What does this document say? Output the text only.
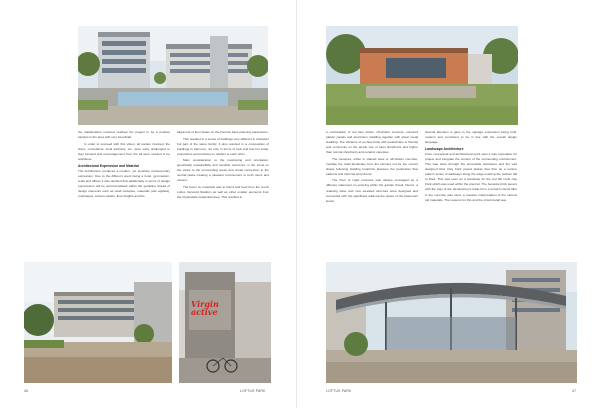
the stakeholders involved realised the project to be a positive catalyst in the area with very beneficial.

In order to succeed with this vision, all parties involved, the client, consultants, local authority, etc. were early challenged to stay focused and encouragement from the all were needed to be ambitious.

Architectural Expression and Material

The Architecture produces a modern, yet sensitive contemporary expression. Due to the different users being a hotel, gymnasium, retail and offices it was decided that additionally in terms of design expressions will be accommodated within the guideline thread of design elements such as retail canopies, materials (site applied), roofscapes, colours palette, floor heights and the

alignment of floor plates on the precinct base planning parameters.

This resulted in a series of buildings very different in character but part of the same family. It also resulted in a composition of buildings in harmony, not only in terms of look and feel but scale, proportions and positions in relation to each other.

Main consideration to the positioning and orientation, specifically sustainability and sensible outcomes, is the focus on the views to the surrounding areas and visual connection to the central plaza creating a pleasant environment to both users and owners.

The focus on materials was to blend and feed from the iconic Loftus Versveld Stadium as well as other smaller elements from the Clydesdale residential area. This resulted in

Virgin active
46	LOFTUS PARK

a combination of red face bricks, off-shutter concrete, coloured plaster panels and aluminium cladding together with sheet metal cladding. The vibrance of an face brick with pedestrians is friendly and comments on the ample use of steel shopfronts and higher than normal shopfronts and ceramic canopies.

The canopies, either in stained steel or off-shutter concrete, mediate the retail landscape from the element not for the current shape following building footprints between the pedestrian flow patterns and informal shop-fronts.

The Pool of Light structure was always envisaged as a different statement on entering within the garden threat. Hence, a retaining base and new elevated structure were designed and connected with the significant walk-via the space of the basement levels.

Special attention is gave to the signage expression being bold, modern and consistent to be in line with the overall design language.

Landscape Architecture

From conceptual and architectural point view it was imperative for project and integrate the context of the surrounding environment. This was done through the accessible staircases and the well designed Red Clay brick paved plazas that flow as a texture pattern series of walkways along the edge entering the podium fall to Park. This was seen as a substitute for the red flat roofs clay brick which was used within the precinct. The bespoke brick pavers with the logo of the development made from a terrazzo blend filler in the concrete was used, a massive interpretation of the various old materials. The reasons for this and the circuit detail was

LOFTUS PARK	47
